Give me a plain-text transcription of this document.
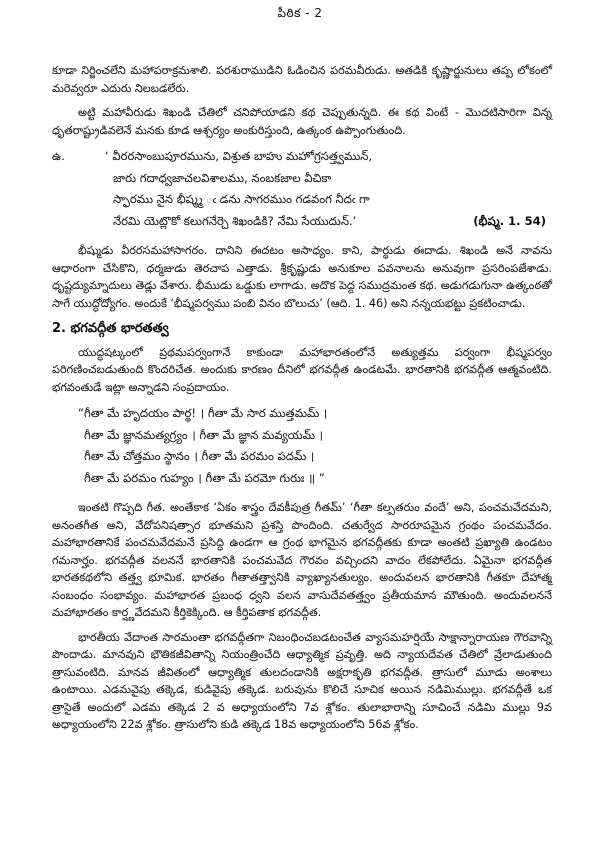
పీఠిక - 2

కూడా నిర్జించలేని మహాపరాక్రమశాలి. పరశురాముడిని ఓడించిన పరమవీరుడు. అతడికి కృష్ణార్జునులు తప్ప లోకంలో మరెవ్వరూ ఎదురు నిలబడలేరు.

అట్టి మహావీరుడు శిఖండి చేతిలో చనిపోయాడని కథ చెప్పుతున్నది. ఈ కథ వింటే - మొదటిసారిగా విన్న ధృతరాష్ట్రుడివలెనే మనకు కూడ ఆశ్చర్యం అంకురిస్తుంది, ఉత్కంఠ ఉప్పొంగుతుంది.

ఉ.	‘ వీరరసాంబుపూరమును, విశ్రుత బాహు మహోగ్రసత్త్వమున్,
జారు గదాధ్వజాచలవిశాలము, నంబకజాల వీచికా
స్ఫారము నైన భీష్మ్మ ఁ డను సాగరముం గడవంగ నీదఁ గా
నేరమి యెట్లొకో కలుగనేర్చె శిఖండికి? నేమి సేయుదున్.’	(భీష్మ. 1. 54)

భీష్ముడు వీరరసమహాసాగరం. దానిని ఈదటం అసాధ్యం. కాని, పార్థుడు ఈదాడు. శిఖండి అనే నావను ఆధారంగా చేసికొని, ధర్మజుడు తెరచాప ఎత్తాడు. శ్రీకృష్ణుడు అనుకూల పవనాలను అనువుగా ప్రసరింపజేశాడు. ధృష్టద్యుమ్నాదులు తెడ్లు వేశారు. భీముడు ఒడ్డుకు లాగాడు. అదొక పెద్ద సముద్రమంత కథ. అడుగడుగునా ఉత్కంఠతో సాగే యుద్ధోద్యోగం. అందుకే ‘భీష్మపర్వము పంబి వినం బొలుచు’ (ఆది. 1. 46) అని నన్నయభట్టు ప్రకటించాడు.

2. భగవద్గీత భారతత్వ

యుద్ధషట్కంలో ప్రథమపర్వంగానే కాకుండా మహాభారతంలోనే అత్యుత్తమ పర్వంగా భీష్మపర్వం పరిగణించబడుతుంది కొందరిచేత. అందుకు కారణం దీనిలో భగవద్గీత ఉండటమే. భారతానికి భగవద్గీత ఆత్మవంటిది. భగవంతుడే ఇట్లా అన్నాడని సంప్రదాయం.

“గీతా మే హృదయం పార్థ! । గీతా మే సార ముత్తమమ్ ।
గీతా మే జ్ఞానమత్యగ్ర్యం । గీతా మే జ్ఞాన మవ్యయమ్ ।
గీతా మే చోత్తమం స్థానం । గీతా మే పరమం పదమ్ ।
గీతా మే పరమం గుహ్యం । గీతా మే పరమో గురుః ॥ ”

ఇంతటి గొప్పది గీత. అంతేకాక ‘ఏకం శాస్త్రం దేవకీపుత్ర గీతమ్’ ‘గీతా కల్పతరుం వందే’ అని, పంచమవేదమని, అనంతగీత అని, వేదోపనిషత్సార భూతమని ప్రశస్తి పొందింది. చతుర్వేద సారరూపమైన గ్రంథం పంచమవేదం. మహాభారతానికే పంచమవేదమనే ప్రసిద్ధి ఉండగా ఆ గ్రంథ భాగమైన భగవద్గీతకు కూడా అంతటి ప్రఖ్యాతి ఉండటం గమనార్హం. భగవద్గీత వలననే భారతానికి పంచమవేద గౌరవం వచ్చిందని వాదం లేకపోలేదు. ఏమైనా భగవద్గీత భారతకథలోని తత్త్వ భూమిక. భారతం గీతాతత్త్వానికి వ్యాఖ్యానతుల్యం. అందువలన భారతానికి గీతకూ దేహాత్మ సంబంధం సంభావ్యం. మహాభారత ప్రబంధ ధ్వని వలన వాసుదేవతత్త్వం ప్రతీయమాన మౌతుంది. అందువలననే మహాభారతం కార్ష్ణవేదమని కీర్తికెక్కింది. ఆ కీర్తిపతాక భగవద్గీత.

భారతీయ వేదాంత సారమంతా భగవద్గీతగా నిబంధించబడటంచేత వ్యాసమహర్షియే సాక్షాన్నారాయణ గౌరవాన్ని పొందాడు. మానవుని భౌతికజీవితాన్ని నియంత్రించేది ఆధ్యాత్మిక ప్రవృత్తి. అది న్యాయదేవత చేతిలో వ్రేలాడుతుంది త్రాసువంటిది. మానవ జీవితంలో ఆధ్యాత్మిక తులదండానికి అక్షరాకృతి భగవద్గీత. త్రాసులో మూడు అంశాలు ఉంటాయి. ఎడమవైపు తక్కెడ, కుడివైపు తక్కెడ. బరువును కొలిచే సూచిక అయిన నడిమిముల్లు. భగవద్గీతే ఒక త్రాసైతే అందులో ఎడమ తక్కెడ 2 వ అధ్యాయంలోని 7వ శ్లోకం. తులాభారాన్ని సూచించే నడిమి ముల్లు 9వ అధ్యాయంలోని 22వ శ్లోకం. త్రాసులోని కుడి తక్కెడ 18వ అధ్యాయంలోని 56వ శ్లోకం.
